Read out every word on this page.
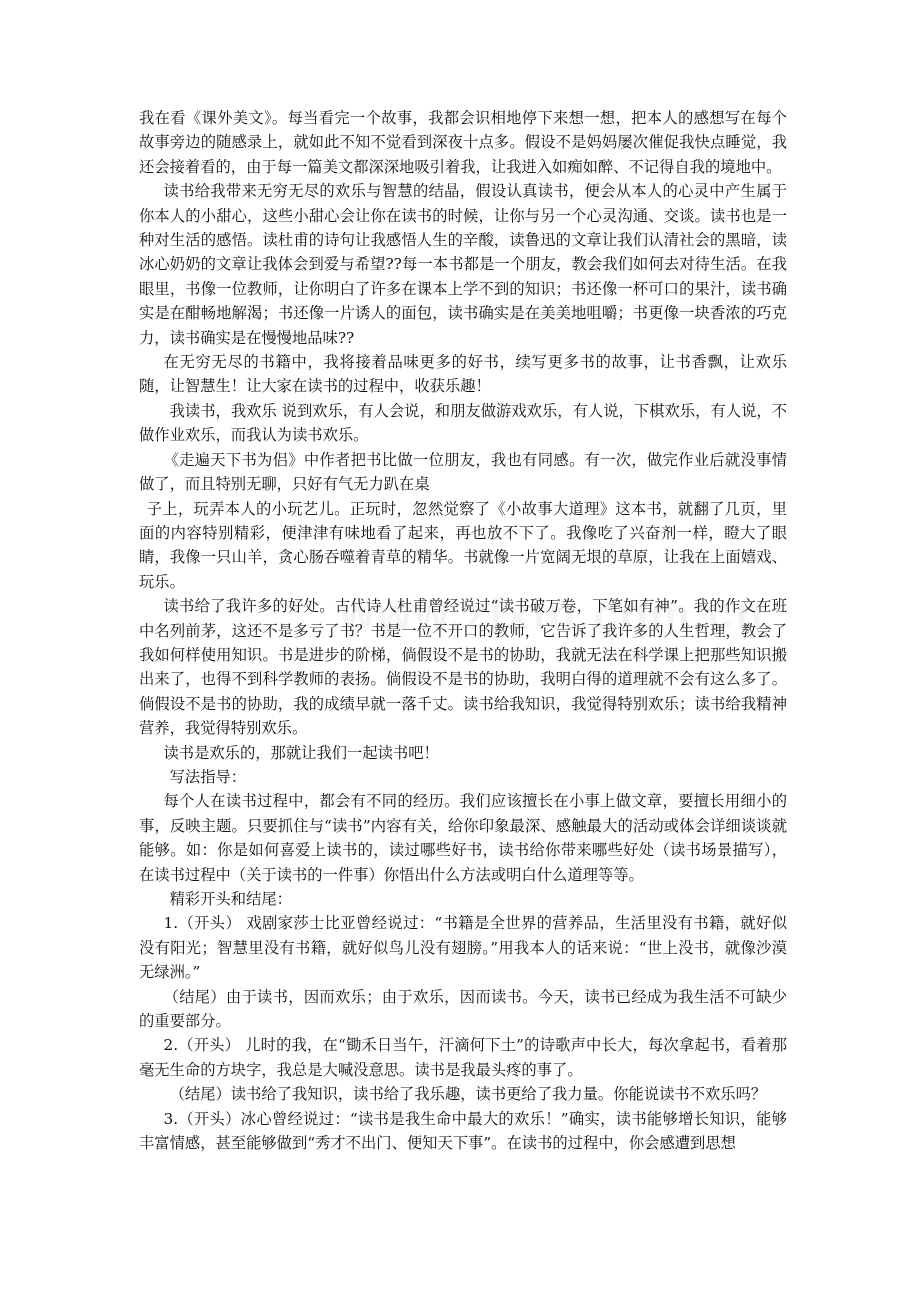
我在看《课外美文》。每当看完一个故事，我都会识相地停下来想一想，把本人的感想写在每个故事旁边的随感录上，就如此不知不觉看到深夜十点多。假设不是妈妈屡次催促我快点睡觉，我还会接着看的，由于每一篇美文都深深地吸引着我，让我进入如痴如醉、不记得自我的境地中。

读书给我带来无穷无尽的欢乐与智慧的结晶，假设认真读书，便会从本人的心灵中产生属于你本人的小甜心，这些小甜心会让你在读书的时候，让你与另一个心灵沟通、交谈。读书也是一种对生活的感悟。读杜甫的诗句让我感悟人生的辛酸，读鲁迅的文章让我们认清社会的黑暗，读冰心奶奶的文章让我体会到爱与希望??每一本书都是一个朋友，教会我们如何去对待生活。在我眼里，书像一位教师，让你明白了许多在课本上学不到的知识；书还像一杯可口的果汁，读书确实是在酣畅地解渴；书还像一片诱人的面包，读书确实是在美美地咀嚼；书更像一块香浓的巧克力，读书确实是在慢慢地品味??

在无穷无尽的书籍中，我将接着品味更多的好书，续写更多书的故事，让书香飘，让欢乐随，让智慧生！让大家在读书的过程中，收获乐趣！

我读书，我欢乐 说到欢乐，有人会说，和朋友做游戏欢乐，有人说，下棋欢乐，有人说，不做作业欢乐，而我认为读书欢乐。

《走遍天下书为侣》中作者把书比做一位朋友，我也有同感。有一次，做完作业后就没事情做了，而且特别无聊，只好有气无力趴在桌

子上，玩弄本人的小玩艺儿。正玩时，忽然觉察了《小故事大道理》这本书，就翻了几页，里面的内容特别精彩，便津津有味地看了起来，再也放不下了。我像吃了兴奋剂一样，瞪大了眼睛，我像一只山羊，贪心肠吞噬着青草的精华。书就像一片宽阔无垠的草原，让我在上面嬉戏、玩乐。

读书给了我许多的好处。古代诗人杜甫曾经说过“读书破万卷，下笔如有神”。我的作文在班中名列前茅，这还不是多亏了书？书是一位不开口的教师，它告诉了我许多的人生哲理，教会了我如何样使用知识。书是进步的阶梯，倘假设不是书的协助，我就无法在科学课上把那些知识搬出来了，也得不到科学教师的表扬。倘假设不是书的协助，我明白得的道理就不会有这么多了。倘假设不是书的协助，我的成绩早就一落千丈。读书给我知识，我觉得特别欢乐；读书给我精神营养，我觉得特别欢乐。

读书是欢乐的，那就让我们一起读书吧！

写法指导：

每个人在读书过程中，都会有不同的经历。我们应该擅长在小事上做文章，要擅长用细小的事，反映主题。只要抓住与“读书”内容有关，给你印象最深、感触最大的活动或体会详细谈谈就能够。如：你是如何喜爱上读书的，读过哪些好书，读书给你带来哪些好处（读书场景描写），在读书过程中（关于读书的一件事）你悟出什么方法或明白什么道理等等。

精彩开头和结尾：

1.（开头） 戏剧家莎士比亚曾经说过：“书籍是全世界的营养品，生活里没有书籍，就好似没有阳光；智慧里没有书籍，就好似鸟儿没有翅膀。”用我本人的话来说：“世上没书，就像沙漠无绿洲。”

（结尾）由于读书，因而欢乐；由于欢乐，因而读书。今天，读书已经成为我生活不可缺少的重要部分。

2.（开头） 儿时的我，在“锄禾日当午，汗滴何下土”的诗歌声中长大，每次拿起书，看着那毫无生命的方块字，我总是大喊没意思。读书是我最头疼的事了。

（结尾）读书给了我知识，读书给了我乐趣，读书更给了我力量。你能说读书不欢乐吗？

3.（开头）冰心曾经说过：“读书是我生命中最大的欢乐！”确实，读书能够增长知识，能够丰富情感，甚至能够做到“秀才不出门、便知天下事”。在读书的过程中，你会感遭到思想
